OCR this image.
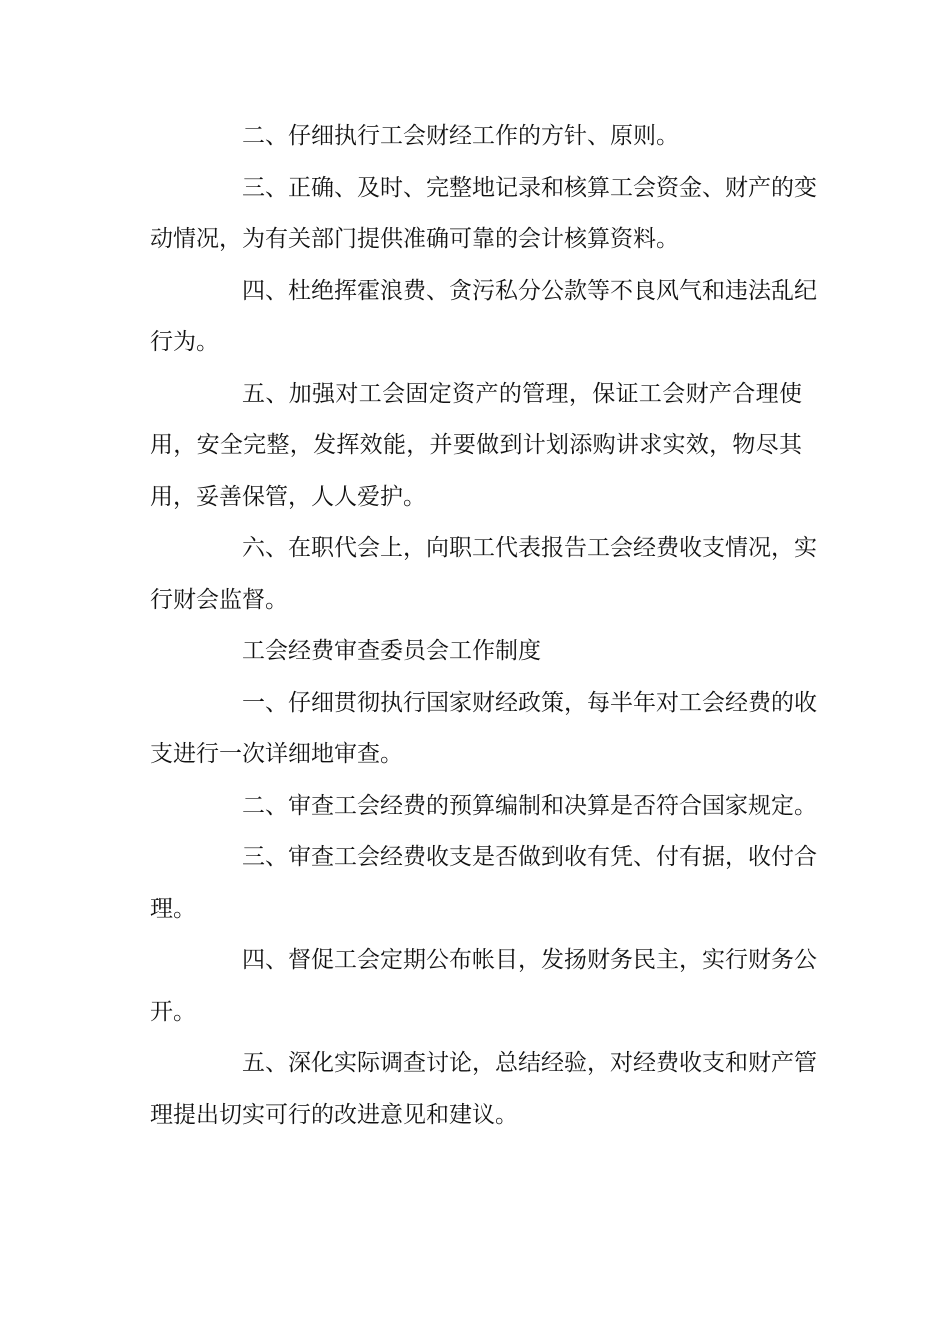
二、仔细执行工会财经工作的方针、原则。
三、正确、及时、完整地记录和核算工会资金、财产的变
动情况，为有关部门提供准确可靠的会计核算资料。
四、杜绝挥霍浪费、贪污私分公款等不良风气和违法乱纪
行为。
五、加强对工会固定资产的管理，保证工会财产合理使
用，安全完整，发挥效能，并要做到计划添购讲求实效，物尽其
用，妥善保管，人人爱护。
六、在职代会上，向职工代表报告工会经费收支情况，实
行财会监督。
工会经费审查委员会工作制度
一、仔细贯彻执行国家财经政策，每半年对工会经费的收
支进行一次详细地审查。
二、审查工会经费的预算编制和决算是否符合国家规定。
三、审查工会经费收支是否做到收有凭、付有据，收付合
理。
四、督促工会定期公布帐目，发扬财务民主，实行财务公
开。
五、深化实际调查讨论，总结经验，对经费收支和财产管
理提出切实可行的改进意见和建议。
